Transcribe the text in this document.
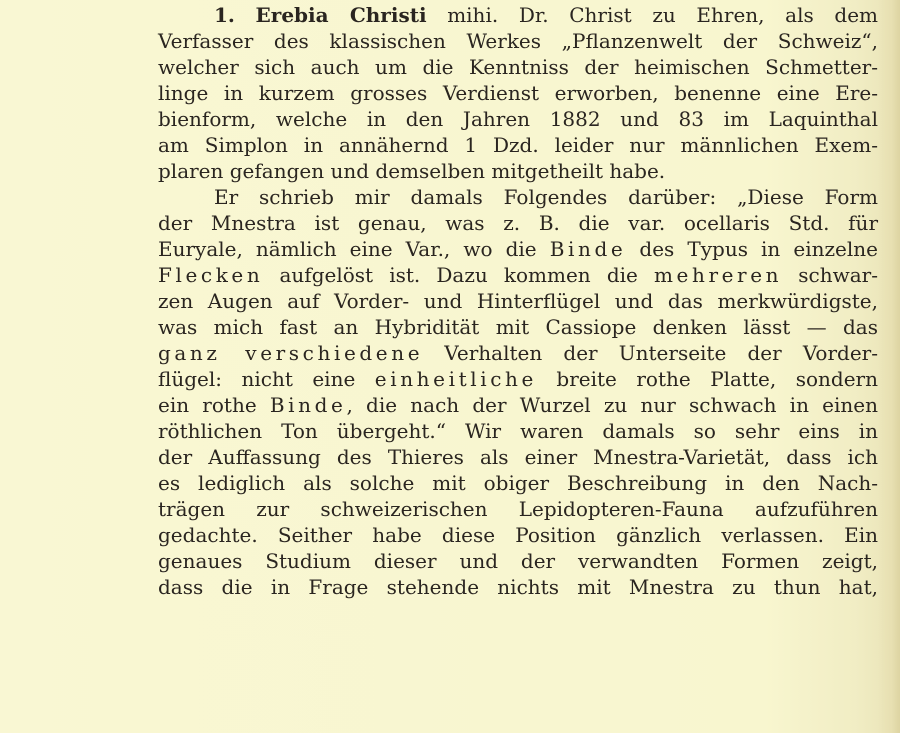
1. Erebia Christi mihi. Dr. Christ zu Ehren, als dem
Verfasser des klassischen Werkes „Pflanzenwelt der Schweiz“,
welcher sich auch um die Kenntniss der heimischen Schmetter-
linge in kurzem grosses Verdienst erworben, benenne eine Ere-
bienform, welche in den Jahren 1882 und 83 im Laquinthal
am Simplon in annähernd 1 Dzd. leider nur männlichen Exem-
plaren gefangen und demselben mitgetheilt habe.
Er schrieb mir damals Folgendes darüber: „Diese Form
der Mnestra ist genau, was z. B. die var. ocellaris Std. für
Euryale, nämlich eine Var., wo die Binde des Typus in einzelne
Flecken aufgelöst ist. Dazu kommen die mehreren schwar-
zen Augen auf Vorder- und Hinterflügel und das merkwürdigste,
was mich fast an Hybridität mit Cassiope denken lässt — das
ganz verschiedene Verhalten der Unterseite der Vorder-
flügel: nicht eine einheitliche breite rothe Platte, sondern
ein rothe Binde, die nach der Wurzel zu nur schwach in einen
röthlichen Ton übergeht.“ Wir waren damals so sehr eins in
der Auffassung des Thieres als einer Mnestra-Varietät, dass ich
es lediglich als solche mit obiger Beschreibung in den Nach-
trägen zur schweizerischen Lepidopteren-Fauna aufzuführen
gedachte. Seither habe diese Position gänzlich verlassen. Ein
genaues Studium dieser und der verwandten Formen zeigt,
dass die in Frage stehende nichts mit Mnestra zu thun hat,
